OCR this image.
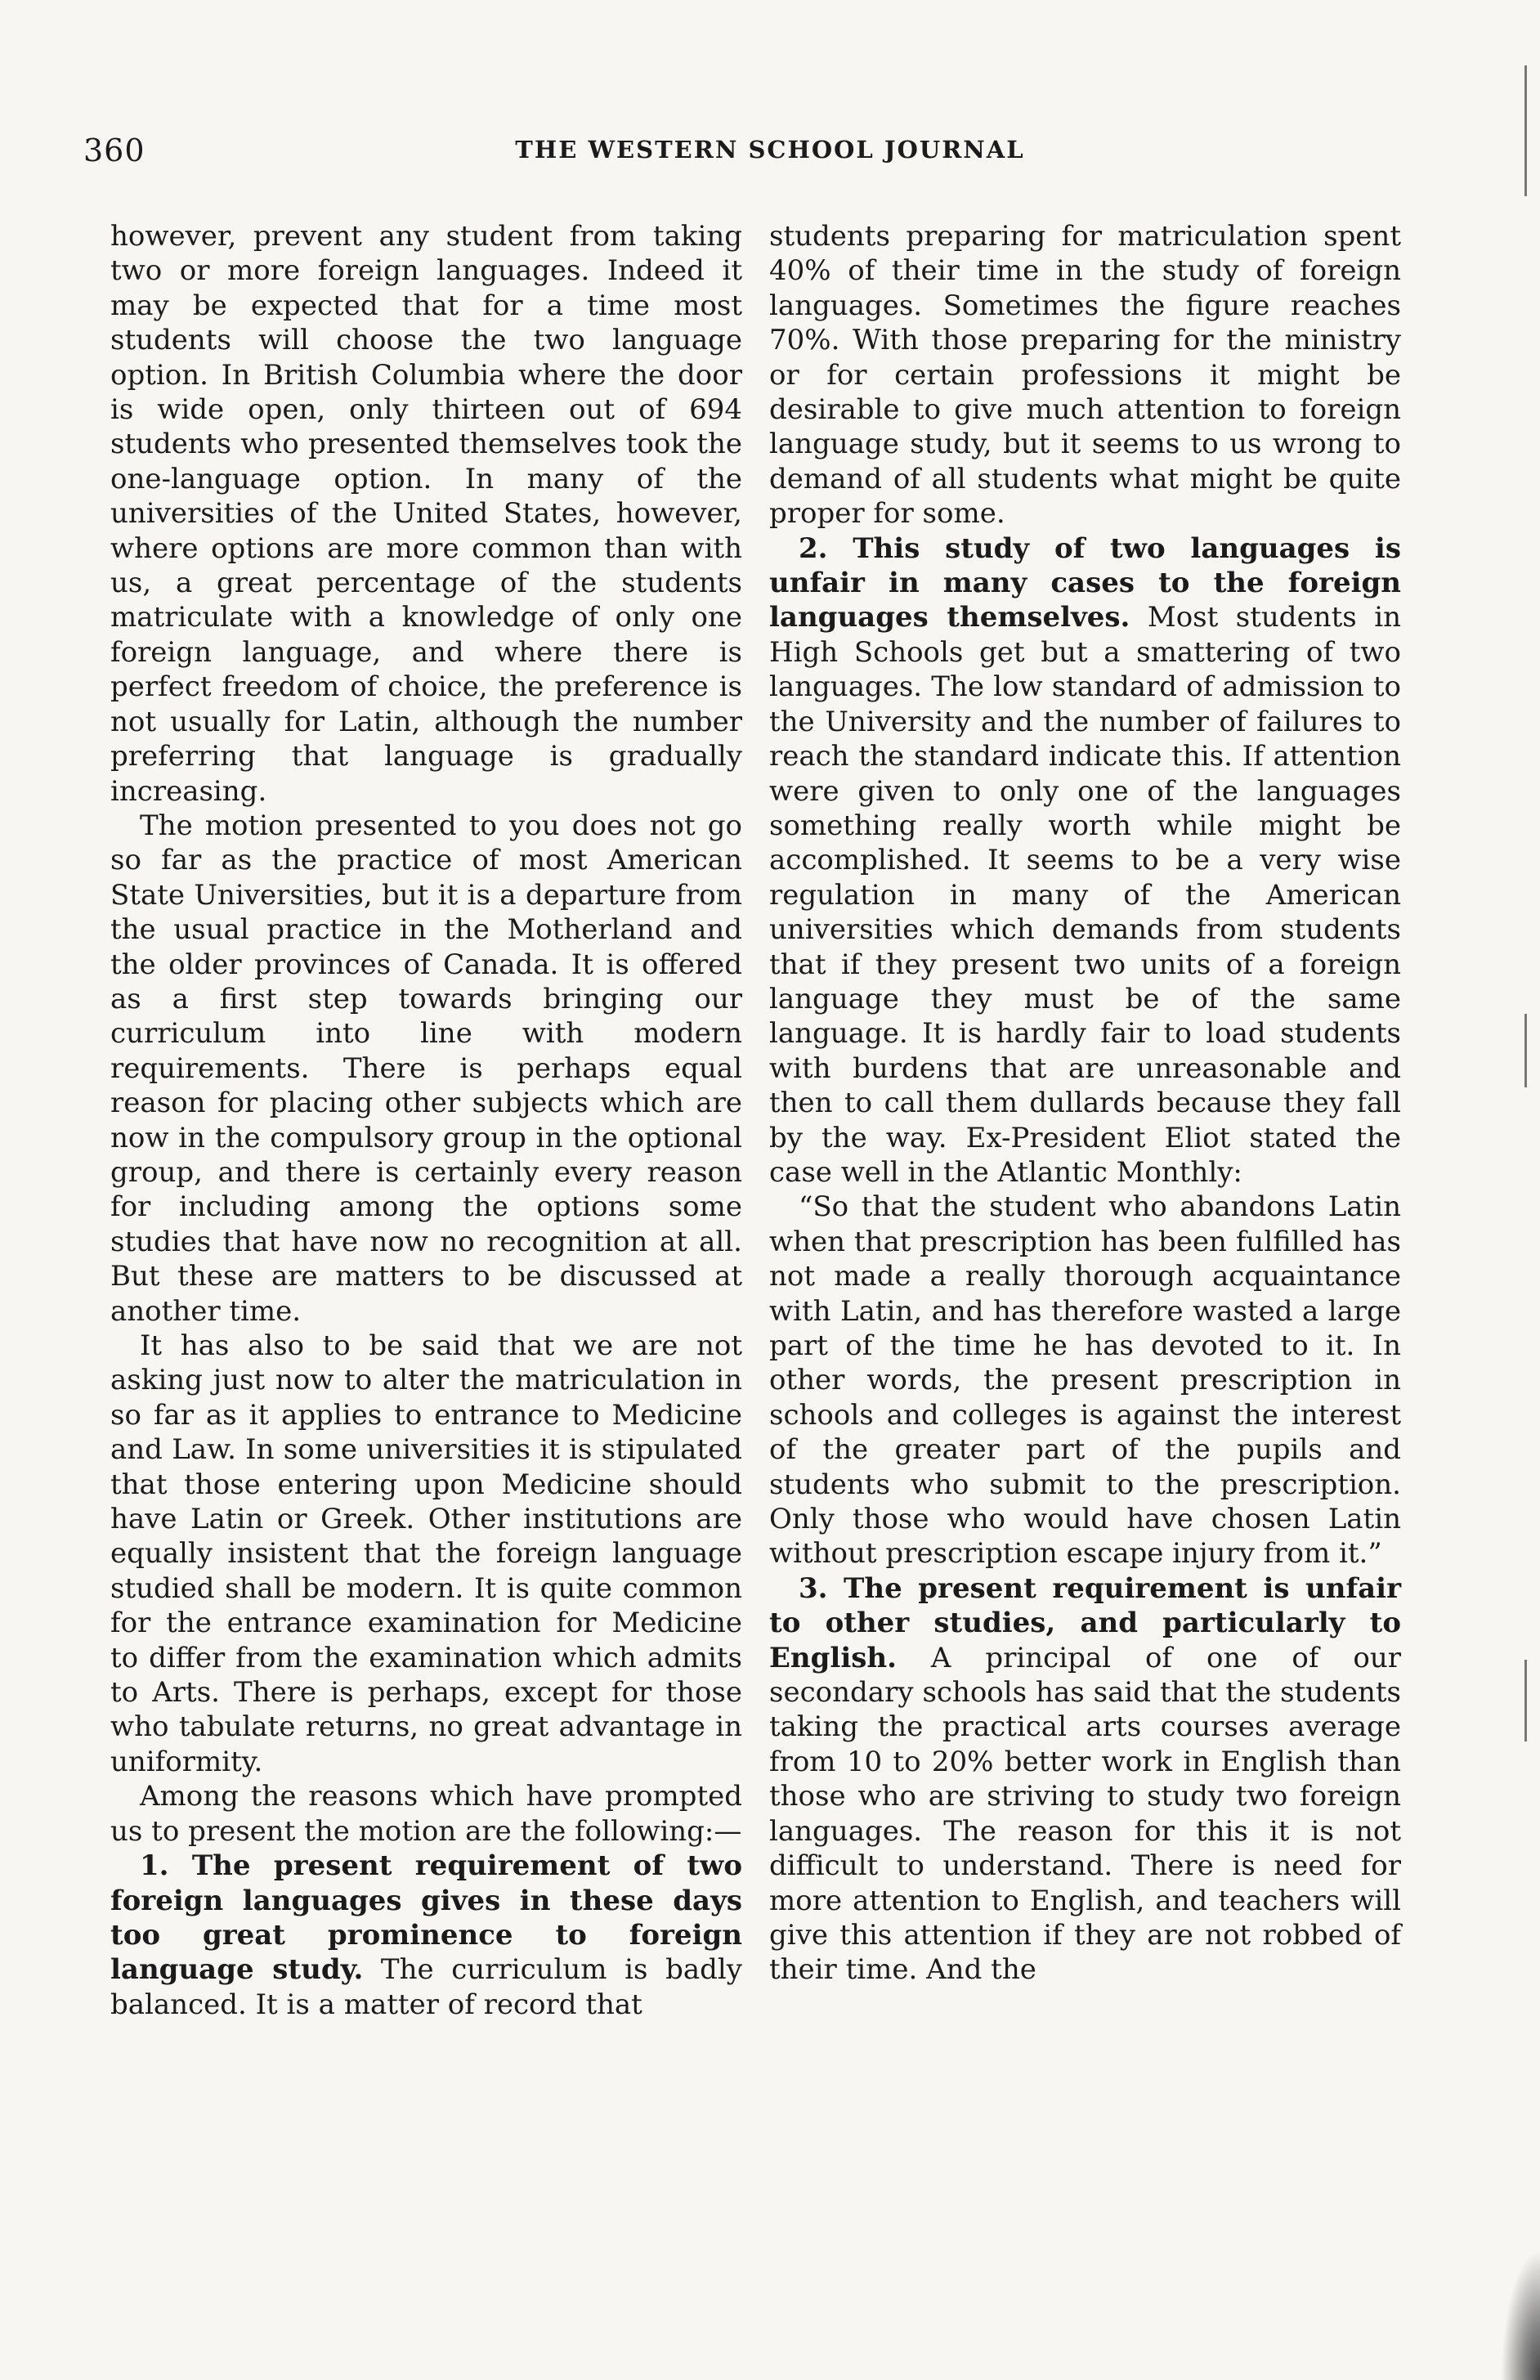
360	THE WESTERN SCHOOL JOURNAL

however, prevent any student from taking two or more foreign languages. Indeed it may be expected that for a time most students will choose the two language option. In British Columbia where the door is wide open, only thirteen out of 694 students who presented themselves took the one-language option. In many of the universities of the United States, however, where options are more common than with us, a great percentage of the students matriculate with a knowledge of only one foreign language, and where there is perfect freedom of choice, the preference is not usually for Latin, although the number preferring that language is gradually increasing.

The motion presented to you does not go so far as the practice of most American State Universities, but it is a departure from the usual practice in the Motherland and the older provinces of Canada. It is offered as a first step towards bringing our curriculum into line with modern requirements. There is perhaps equal reason for placing other subjects which are now in the compulsory group in the optional group, and there is certainly every reason for including among the options some studies that have now no recognition at all. But these are matters to be discussed at another time.

It has also to be said that we are not asking just now to alter the matriculation in so far as it applies to entrance to Medicine and Law. In some universities it is stipulated that those entering upon Medicine should have Latin or Greek. Other institutions are equally insistent that the foreign language studied shall be modern. It is quite common for the entrance examination for Medicine to differ from the examination which admits to Arts. There is perhaps, except for those who tabulate returns, no great advantage in uniformity.

Among the reasons which have prompted us to present the motion are the following:—

1. The present requirement of two foreign languages gives in these days too great prominence to foreign language study. The curriculum is badly balanced. It is a matter of record that

students preparing for matriculation spent 40% of their time in the study of foreign languages. Sometimes the figure reaches 70%. With those preparing for the ministry or for certain professions it might be desirable to give much attention to foreign language study, but it seems to us wrong to demand of all students what might be quite proper for some.

2. This study of two languages is unfair in many cases to the foreign languages themselves. Most students in High Schools get but a smattering of two languages. The low standard of admission to the University and the number of failures to reach the standard indicate this. If attention were given to only one of the languages something really worth while might be accomplished. It seems to be a very wise regulation in many of the American universities which demands from students that if they present two units of a foreign language they must be of the same language. It is hardly fair to load students with burdens that are unreasonable and then to call them dullards because they fall by the way. Ex-President Eliot stated the case well in the Atlantic Monthly:

“So that the student who abandons Latin when that prescription has been fulfilled has not made a really thorough acquaintance with Latin, and has therefore wasted a large part of the time he has devoted to it. In other words, the present prescription in schools and colleges is against the interest of the greater part of the pupils and students who submit to the prescription. Only those who would have chosen Latin without prescription escape injury from it.”

3. The present requirement is unfair to other studies, and particularly to English. A principal of one of our secondary schools has said that the students taking the practical arts courses average from 10 to 20% better work in English than those who are striving to study two foreign languages. The reason for this it is not difficult to understand. There is need for more attention to English, and teachers will give this attention if they are not robbed of their time. And the
